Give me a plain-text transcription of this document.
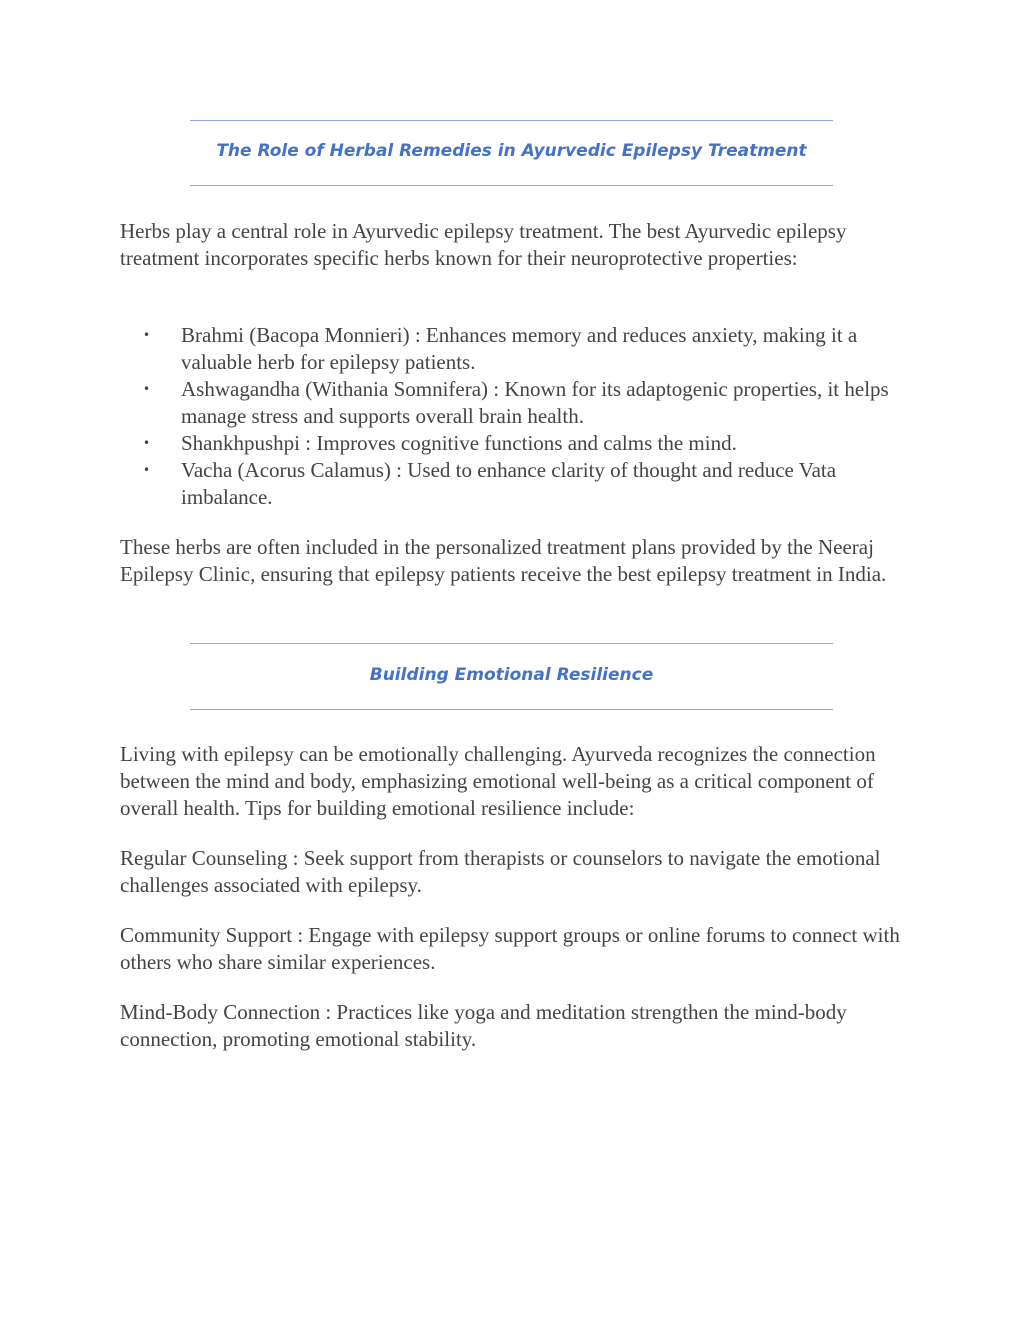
The Role of Herbal Remedies in Ayurvedic Epilepsy Treatment

Herbs play a central role in Ayurvedic epilepsy treatment. The best Ayurvedic epilepsy treatment incorporates specific herbs known for their neuroprotective properties:

• Brahmi (Bacopa Monnieri) : Enhances memory and reduces anxiety, making it a valuable herb for epilepsy patients.
• Ashwagandha (Withania Somnifera) : Known for its adaptogenic properties, it helps manage stress and supports overall brain health.
• Shankhpushpi : Improves cognitive functions and calms the mind.
• Vacha (Acorus Calamus) : Used to enhance clarity of thought and reduce Vata imbalance.

These herbs are often included in the personalized treatment plans provided by the Neeraj Epilepsy Clinic, ensuring that epilepsy patients receive the best epilepsy treatment in India.

Building Emotional Resilience

Living with epilepsy can be emotionally challenging. Ayurveda recognizes the connection between the mind and body, emphasizing emotional well-being as a critical component of overall health. Tips for building emotional resilience include:

Regular Counseling : Seek support from therapists or counselors to navigate the emotional challenges associated with epilepsy.

Community Support : Engage with epilepsy support groups or online forums to connect with others who share similar experiences.

Mind-Body Connection : Practices like yoga and meditation strengthen the mind-body connection, promoting emotional stability.
